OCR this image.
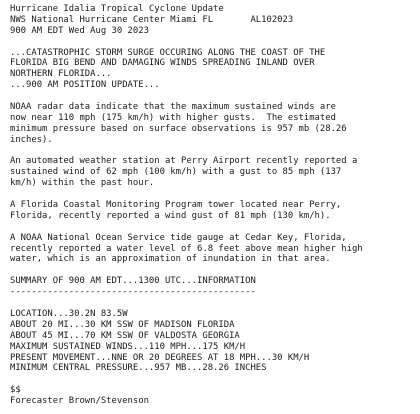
Hurricane Idalia Tropical Cyclone Update
NWS National Hurricane Center Miami FL       AL102023
900 AM EDT Wed Aug 30 2023
...CATASTROPHIC STORM SURGE OCCURING ALONG THE COAST OF THE
FLORIDA BIG BEND AND DAMAGING WINDS SPREADING INLAND OVER
NORTHERN FLORIDA...
...900 AM POSITION UPDATE...
NOAA radar data indicate that the maximum sustained winds are
now near 110 mph (175 km/h) with higher gusts.  The estimated
minimum pressure based on surface observations is 957 mb (28.26
inches).
An automated weather station at Perry Airport recently reported a
sustained wind of 62 mph (100 km/h) with a gust to 85 mph (137
km/h) within the past hour.
A Florida Coastal Monitoring Program tower located near Perry,
Florida, recently reported a wind gust of 81 mph (130 km/h).
A NOAA National Ocean Service tide gauge at Cedar Key, Florida,
recently reported a water level of 6.8 feet above mean higher high
water, which is an approximation of inundation in that area.
SUMMARY OF 900 AM EDT...1300 UTC...INFORMATION
----------------------------------------------
LOCATION...30.2N 83.5W
ABOUT 20 MI...30 KM SSW OF MADISON FLORIDA
ABOUT 45 MI...70 KM SSW OF VALDOSTA GEORGIA
MAXIMUM SUSTAINED WINDS...110 MPH...175 KM/H
PRESENT MOVEMENT...NNE OR 20 DEGREES AT 18 MPH...30 KM/H
MINIMUM CENTRAL PRESSURE...957 MB...28.26 INCHES
$$
Forecaster Brown/Stevenson
